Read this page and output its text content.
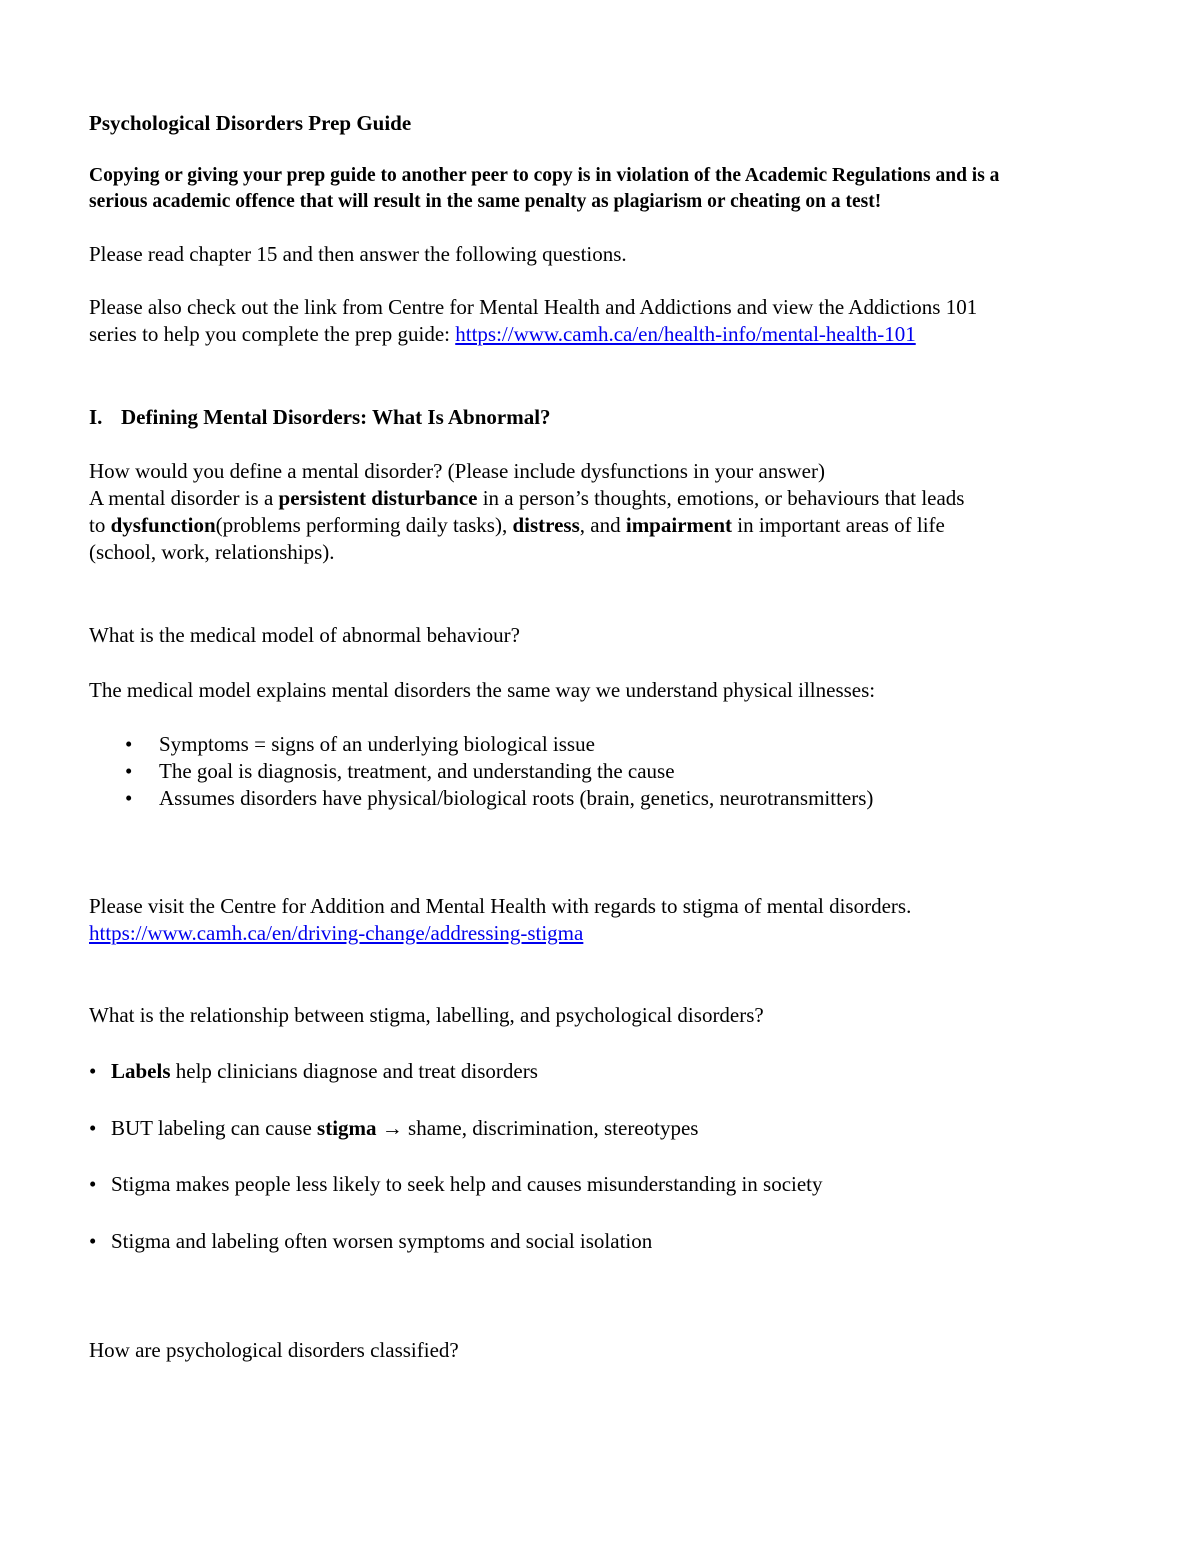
Psychological Disorders Prep Guide
Copying or giving your prep guide to another peer to copy is in violation of the Academic Regulations and is a
serious academic offence that will result in the same penalty as plagiarism or cheating on a test!
Please read chapter 15 and then answer the following questions.
Please also check out the link from Centre for Mental Health and Addictions and view the Addictions 101
series to help you complete the prep guide: https://www.camh.ca/en/health-info/mental-health-101
I. Defining Mental Disorders: What Is Abnormal?
How would you define a mental disorder? (Please include dysfunctions in your answer)
A mental disorder is a persistent disturbance in a person’s thoughts, emotions, or behaviours that leads
to dysfunction(problems performing daily tasks), distress, and impairment in important areas of life
(school, work, relationships).
What is the medical model of abnormal behaviour?
The medical model explains mental disorders the same way we understand physical illnesses:
• Symptoms = signs of an underlying biological issue
• The goal is diagnosis, treatment, and understanding the cause
• Assumes disorders have physical/biological roots (brain, genetics, neurotransmitters)
Please visit the Centre for Addition and Mental Health with regards to stigma of mental disorders.
https://www.camh.ca/en/driving-change/addressing-stigma
What is the relationship between stigma, labelling, and psychological disorders?
• Labels help clinicians diagnose and treat disorders
• BUT labeling can cause stigma → shame, discrimination, stereotypes
• Stigma makes people less likely to seek help and causes misunderstanding in society
• Stigma and labeling often worsen symptoms and social isolation
How are psychological disorders classified?
